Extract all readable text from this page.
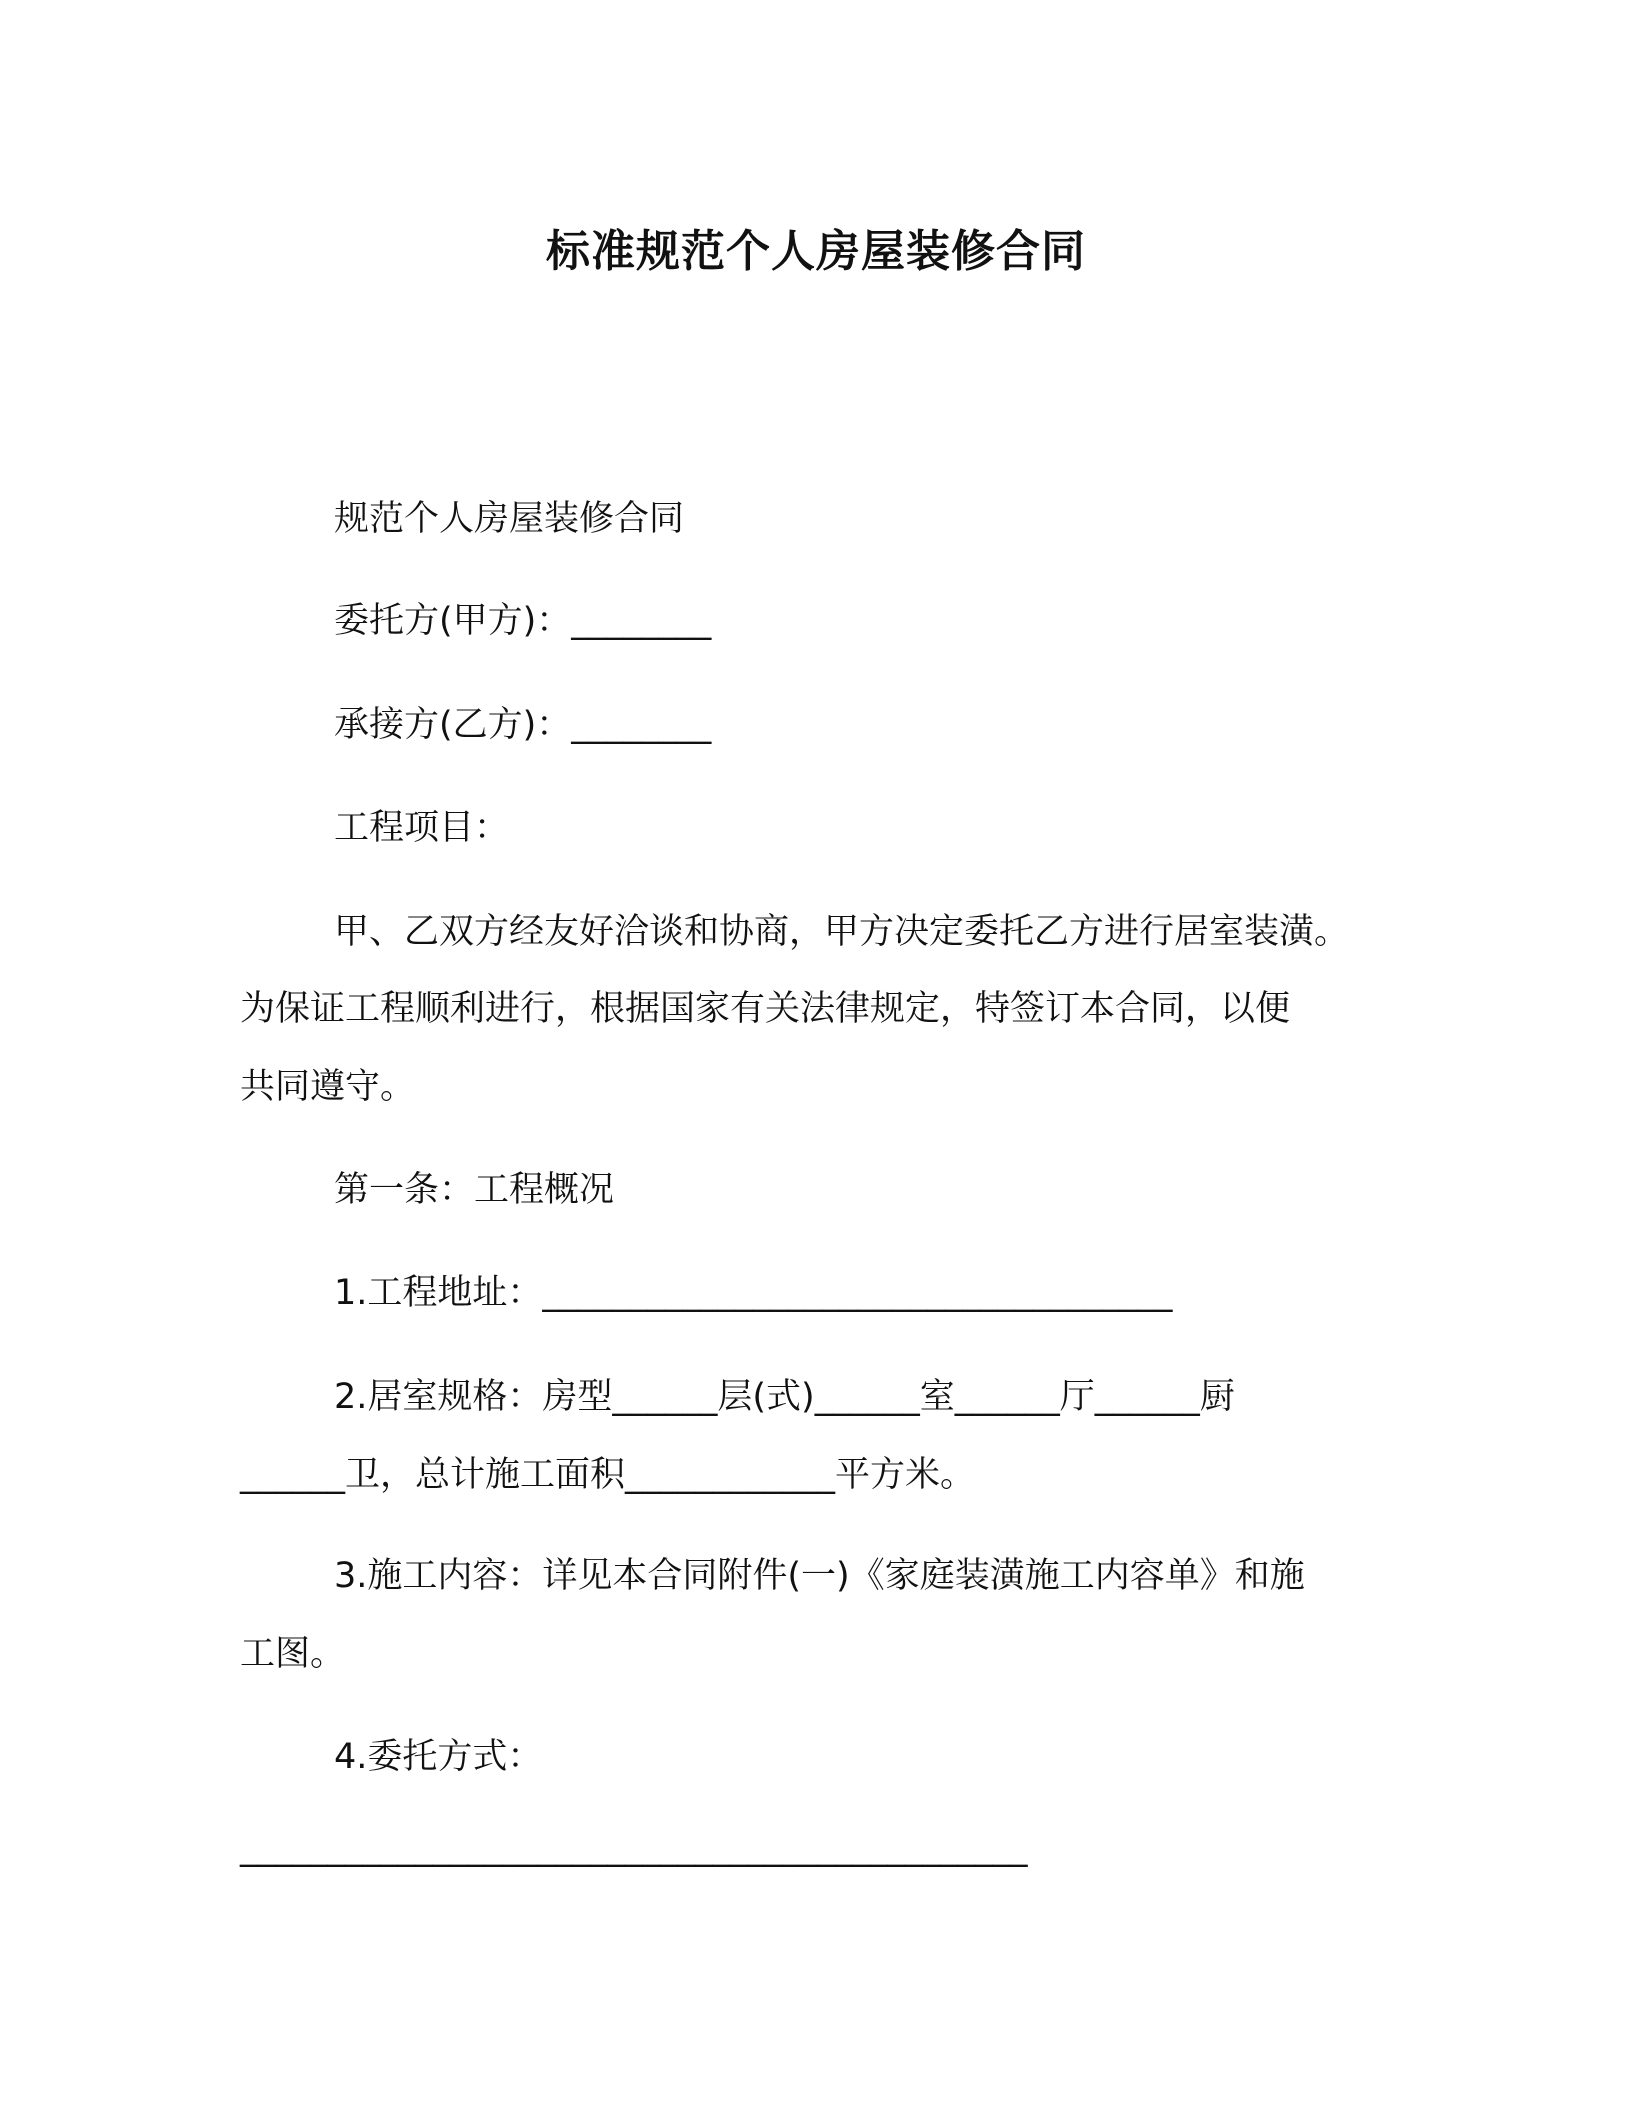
标准规范个人房屋装修合同
规范个人房屋装修合同
委托方(甲方)：________
承接方(乙方)：________
工程项目：
甲、乙双方经友好洽谈和协商，甲方决定委托乙方进行居室装潢。
为保证工程顺利进行，根据国家有关法律规定，特签订本合同，以便
共同遵守。
第一条：工程概况
1.工程地址：____________________________________
2.居室规格：房型______层(式)______室______厅______厨
______卫，总计施工面积____________平方米。
3.施工内容：详见本合同附件(一)《家庭装潢施工内容单》和施
工图。
4.委托方式：
_____________________________________________
